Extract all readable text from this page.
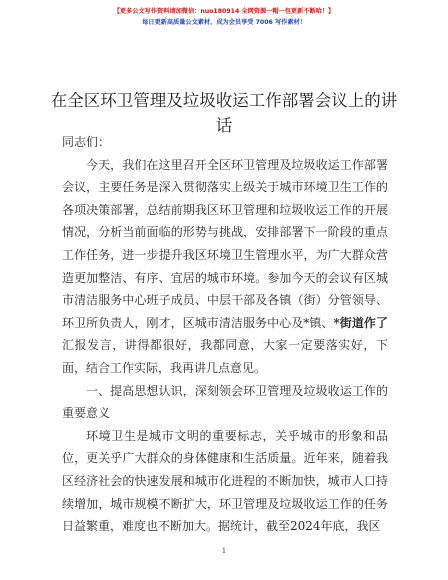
【更多公文写作资料请加微信：nuo180914 全网资源一帽一包更新不断哈！】
每日更新高质量公文素材，成为会员享受 7006 写作素材！
在全区环卫管理及垃圾收运工作部署会议上的讲话

同志们：

今天，我们在这里召开全区环卫管理及垃圾收运工作部署会议，主要任务是深入贯彻落实上级关于城市环境卫生工作的各项决策部署，总结前期我区环卫管理和垃圾收运工作的开展情况，分析当前面临的形势与挑战，安排部署下一阶段的重点工作任务，进一步提升我区环境卫生管理水平，为广大群众营造更加整洁、有序、宜居的城市环境。参加今天的会议有区城市清洁服务中心班子成员、中层干部及各镇（街）分管领导、环卫所负责人，刚才，区城市清洁服务中心及*镇、*街道作了汇报发言，讲得都很好，我都同意，大家一定要落实好，下面，结合工作实际，我再讲几点意见。

一、提高思想认识，深刻领会环卫管理及垃圾收运工作的重要意义

环境卫生是城市文明的重要标志，关乎城市的形象和品位，更关乎广大群众的身体健康和生活质量。近年来，随着我区经济社会的快速发展和城市化进程的不断加快，城市人口持续增加，城市规模不断扩大，环卫管理及垃圾收运工作的任务日益繁重，难度也不断加大。据统计，截至2024年底，我区

1
